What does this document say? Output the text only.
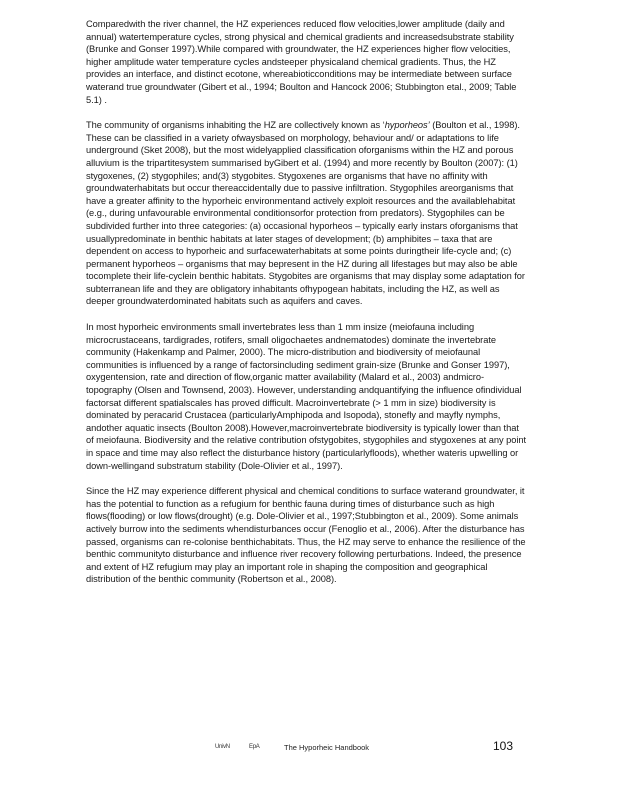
Comparedwith the river channel, the HZ experiences reduced flow velocities,lower amplitude (daily and annual) watertemperature cycles, strong physical and chemical gradients and increasedsubstrate stability (Brunke and Gonser 1997).While compared with groundwater, the HZ experiences higher flow velocities, higher amplitude water temperature cycles andsteeper physicaland chemical gradients. Thus, the HZ provides an interface, and distinct ecotone, whereabioticconditions may be intermediate between surface waterand true groundwater (Gibert et al., 1994; Boulton and Hancock 2006; Stubbington etal., 2009; Table 5.1) .

The community of organisms inhabiting the HZ are collectively known as ‘hyporheos’ (Boulton et al., 1998). These can be classified in a variety ofwaysbased on morphology, behaviour and/ or adaptations to life underground (Sket 2008), but the most widelyapplied classification oforganisms within the HZ and porous alluvium is the tripartitesystem summarised byGibert et al. (1994) and more recently by Boulton (2007): (1) stygoxenes, (2) stygophiles; and(3) stygobites. Stygoxenes are organisms that have no affinity with groundwaterhabitats but occur thereaccidentally due to passive infiltration. Stygophiles areorganisms that have a greater affinity to the hyporheic environmentand actively exploit resources and the availablehabitat (e.g., during unfavourable environmental conditionsorfor protection from predators). Stygophiles can be subdivided further into three categories: (a) occasional hyporheos – typically early instars oforganisms that usuallypredominate in benthic habitats at later stages of development; (b) amphibites – taxa that are dependent on access to hyporheic and surfacewaterhabitats at some points duringtheir life-cycle and; (c) permanent hyporheos – organisms that may bepresent in the HZ during all lifestages but may also be able tocomplete their life-cyclein benthic habitats. Stygobites are organisms that may display some adaptation for subterranean life and they are obligatory inhabitants ofhypogean habitats, including the HZ, as well as deeper groundwaterdominated habitats such as aquifers and caves.

In most hyporheic environments small invertebrates less than 1 mm insize (meiofauna including microcrustaceans, tardigrades, rotifers, small oligochaetes andnematodes) dominate the invertebrate community (Hakenkamp and Palmer, 2000). The micro-distribution and biodiversity of meiofaunal communities is influenced by a range of factorsincluding sediment grain-size (Brunke and Gonser 1997), oxygentension, rate and direction of flow,organic matter availability (Malard et al., 2003) andmicro-topography (Olsen and Townsend, 2003). However, understanding andquantifying the influence ofindividual factorsat different spatialscales has proved difficult. Macroinvertebrate (> 1 mm in size) biodiversity is dominated by peracarid Crustacea (particularlyAmphipoda and Isopoda), stonefly and mayfly nymphs, andother aquatic insects (Boulton 2008).However,macroinvertebrate biodiversity is typically lower than that of meiofauna. Biodiversity and the relative contribution ofstygobites, stygophiles and stygoxenes at any point in space and time may also reflect the disturbance history (particularlyfloods), whether wateris upwelling or down-wellingand substratum stability (Dole-Olivier et al., 1997).

Since the HZ may experience different physical and chemical conditions to surface waterand groundwater, it has the potential to function as a refugium for benthic fauna during times of disturbance such as high flows(flooding) or low flows(drought) (e.g. Dole-Olivier et al., 1997;Stubbington et al., 2009). Some animals actively burrow into the sediments whendisturbances occur (Fenoglio et al., 2006). After the disturbance has passed, organisms can re-colonise benthichabitats. Thus, the HZ may serve to enhance the resilience of the benthic communityto disturbance and influence river recovery following perturbations. Indeed, the presence and extent of HZ refugium may play an important role in shaping the composition and geographical distribution of the benthic community (Robertson et al., 2008).

UnivN	EpA	The Hyporheic Handbook	103
